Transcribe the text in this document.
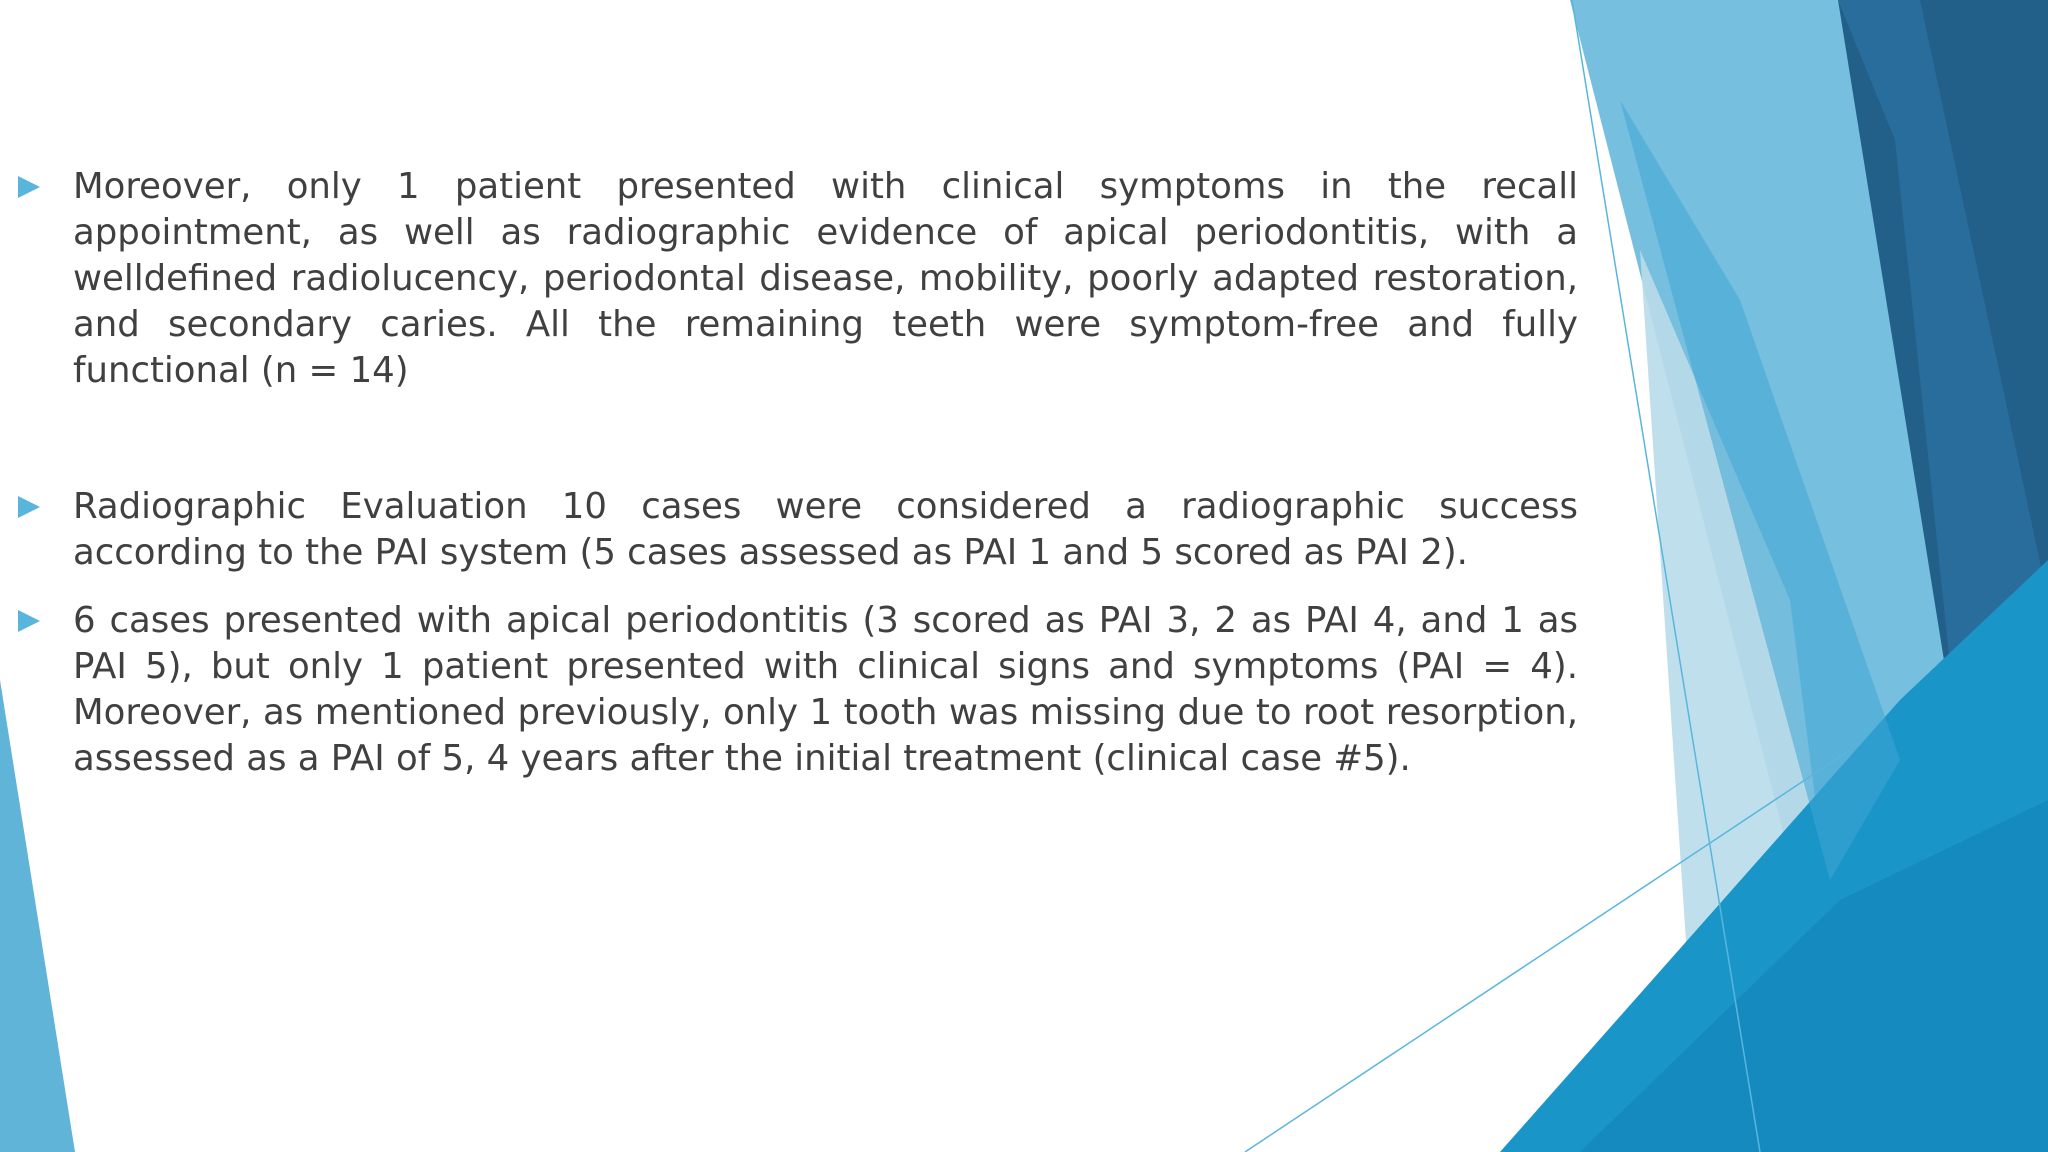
Moreover, only 1 patient presented with clinical symptoms in the recall appointment, as well as radiographic evidence of apical periodontitis, with a welldefined radiolucency, periodontal disease, mobility, poorly adapted restoration, and secondary caries. All the remaining teeth were symptom-free and fully functional (n = 14)
Radiographic Evaluation 10 cases were considered a radiographic success according to the PAI system (5 cases assessed as PAI 1 and 5 scored as PAI 2).
6 cases presented with apical periodontitis (3 scored as PAI 3, 2 as PAI 4, and 1 as PAI 5), but only 1 patient presented with clinical signs and symptoms (PAI = 4). Moreover, as mentioned previously, only 1 tooth was missing due to root resorption, assessed as a PAI of 5, 4 years after the initial treatment (clinical case #5).
